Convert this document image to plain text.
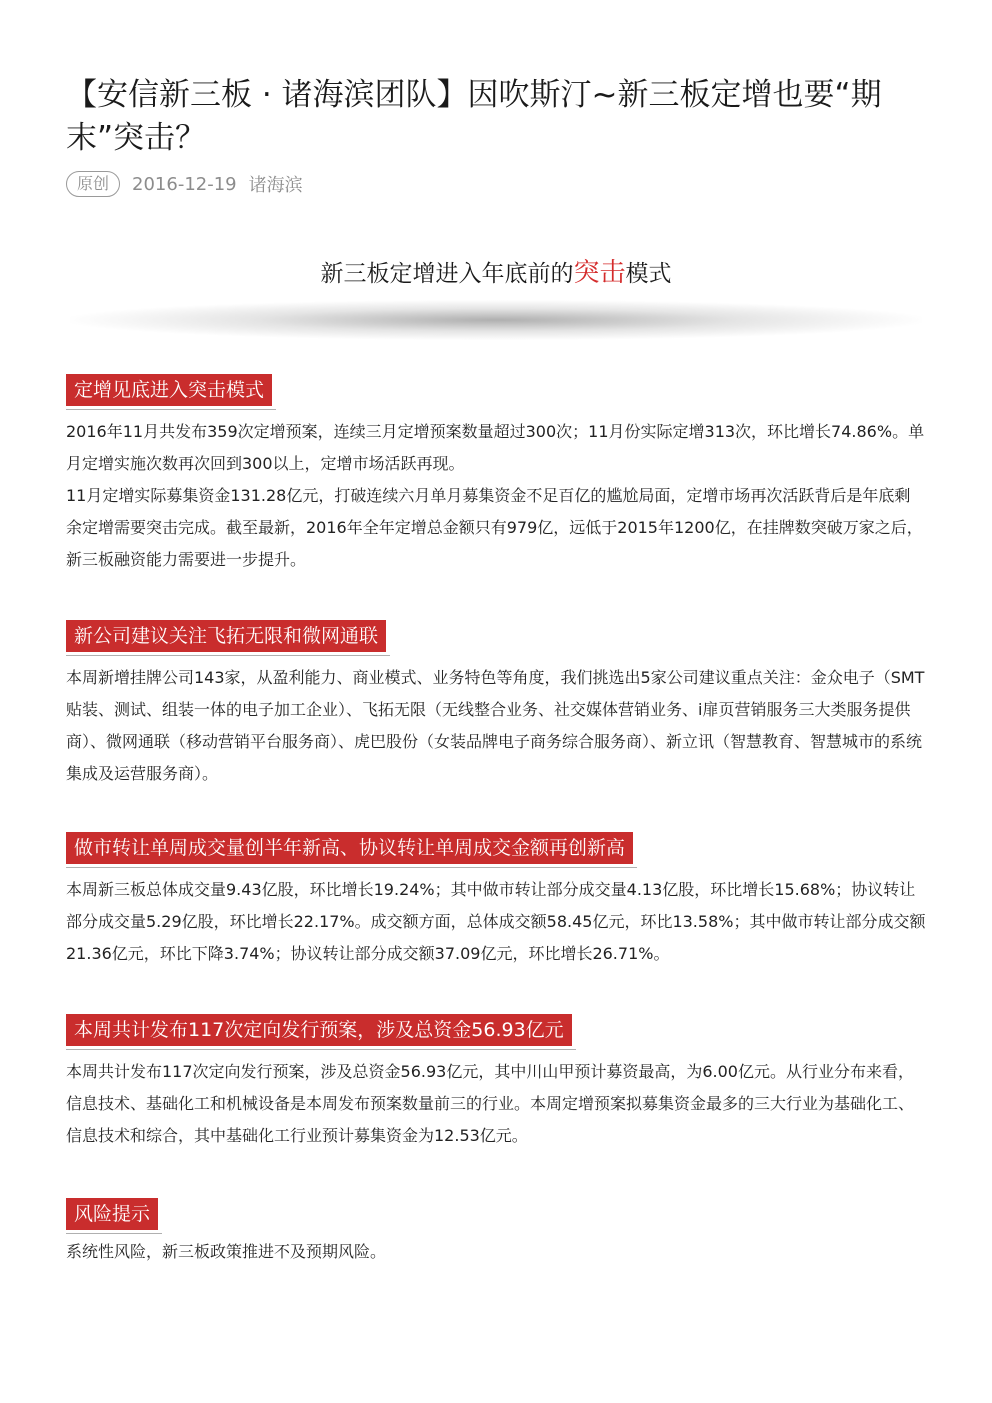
【安信新三板 · 诸海滨团队】因吹斯汀~新三板定增也要“期末”突击？
原创	2016-12-19 诸海滨
新三板定增进入年底前的突击模式
定增见底进入突击模式

2016年11月共发布359次定增预案，连续三月定增预案数量超过300次；11月份实际定增313次，环比增长74.86%。单月定增实施次数再次回到300以上，定增市场活跃再现。

11月定增实际募集资金131.28亿元，打破连续六月单月募集资金不足百亿的尴尬局面，定增市场再次活跃背后是年底剩余定增需要突击完成。截至最新，2016年全年定增总金额只有979亿，远低于2015年1200亿，在挂牌数突破万家之后，新三板融资能力需要进一步提升。

新公司建议关注飞拓无限和微网通联

本周新增挂牌公司143家，从盈利能力、商业模式、业务特色等角度，我们挑选出5家公司建议重点关注：金众电子（SMT贴装、测试、组装一体的电子加工企业）、飞拓无限（无线整合业务、社交媒体营销业务、i扉页营销服务三大类服务提供商）、微网通联（移动营销平台服务商）、虎巴股份（女装品牌电子商务综合服务商）、新立讯（智慧教育、智慧城市的系统集成及运营服务商）。

做市转让单周成交量创半年新高、协议转让单周成交金额再创新高

本周新三板总体成交量9.43亿股，环比增长19.24%；其中做市转让部分成交量4.13亿股，环比增长15.68%；协议转让部分成交量5.29亿股，环比增长22.17%。成交额方面，总体成交额58.45亿元，环比13.58%；其中做市转让部分成交额21.36亿元，环比下降3.74%；协议转让部分成交额37.09亿元，环比增长26.71%。

本周共计发布117次定向发行预案，涉及总资金56.93亿元

本周共计发布117次定向发行预案，涉及总资金56.93亿元，其中川山甲预计募资最高，为6.00亿元。从行业分布来看，信息技术、基础化工和机械设备是本周发布预案数量前三的行业。本周定增预案拟募集资金最多的三大行业为基础化工、信息技术和综合，其中基础化工行业预计募集资金为12.53亿元。

风险提示

系统性风险，新三板政策推进不及预期风险。
